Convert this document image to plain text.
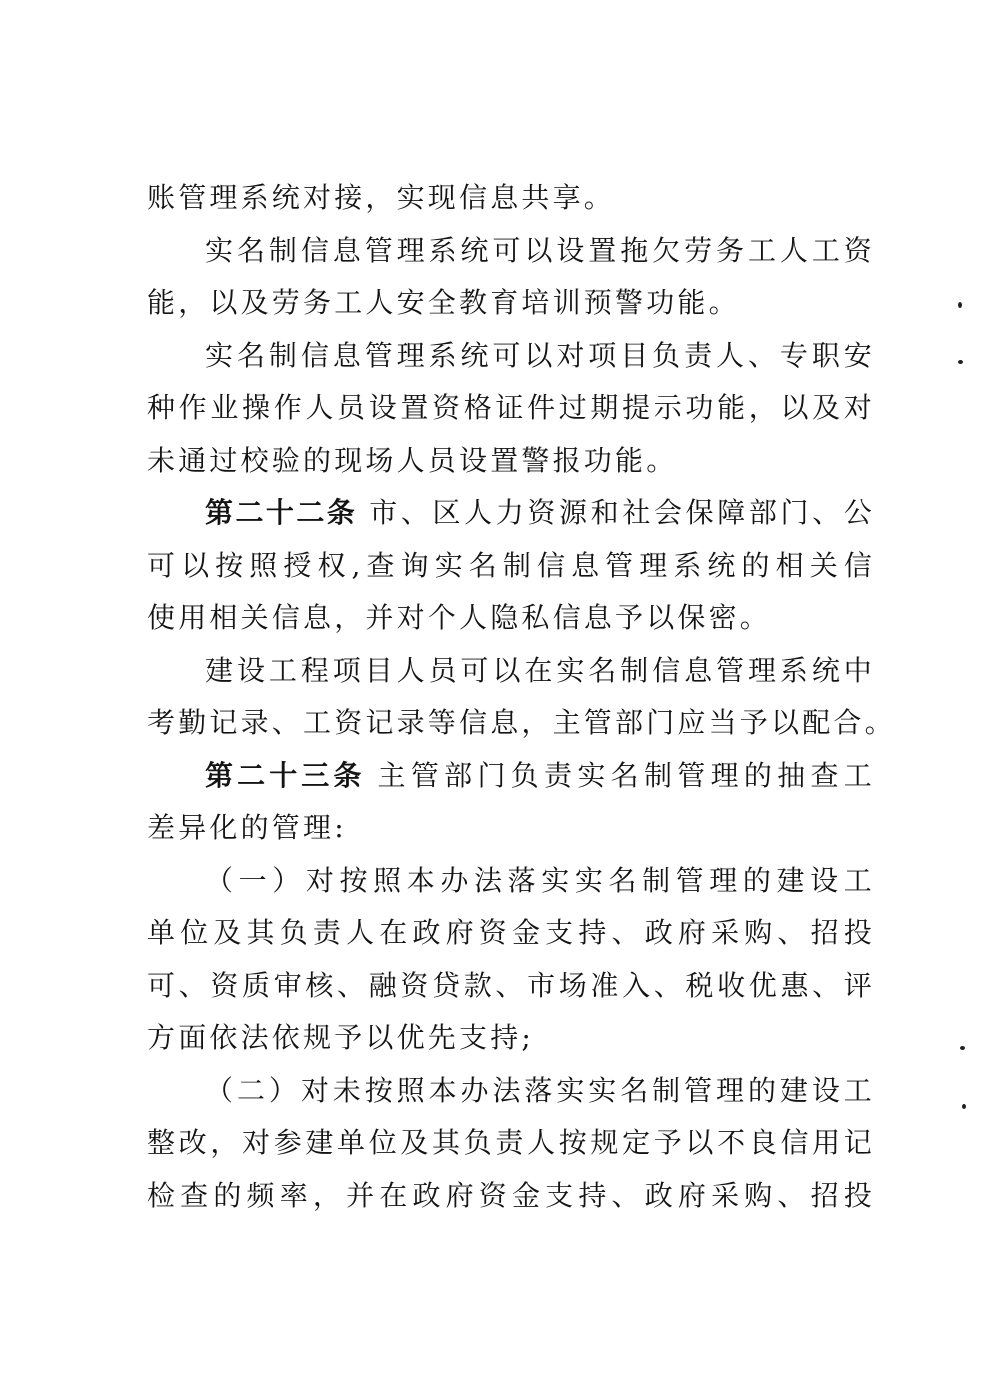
账管理系统对接，实现信息共享。
实名制信息管理系统可以设置拖欠劳务工人工资
能，以及劳务工人安全教育培训预警功能。
实名制信息管理系统可以对项目负责人、专职安
种作业操作人员设置资格证件过期提示功能，以及对
未通过校验的现场人员设置警报功能。
第二十二条 市、区人力资源和社会保障部门、公
可以按照授权,查询实名制信息管理系统的相关信
使用相关信息，并对个人隐私信息予以保密。
建设工程项目人员可以在实名制信息管理系统中
考勤记录、工资记录等信息，主管部门应当予以配合。
第二十三条 主管部门负责实名制管理的抽查工
差异化的管理:
（一）对按照本办法落实实名制管理的建设工
单位及其负责人在政府资金支持、政府采购、招投
可、资质审核、融资贷款、市场准入、税收优惠、评
方面依法依规予以优先支持;
（二）对未按照本办法落实实名制管理的建设工
整改，对参建单位及其负责人按规定予以不良信用记
检查的频率，并在政府资金支持、政府采购、招投
